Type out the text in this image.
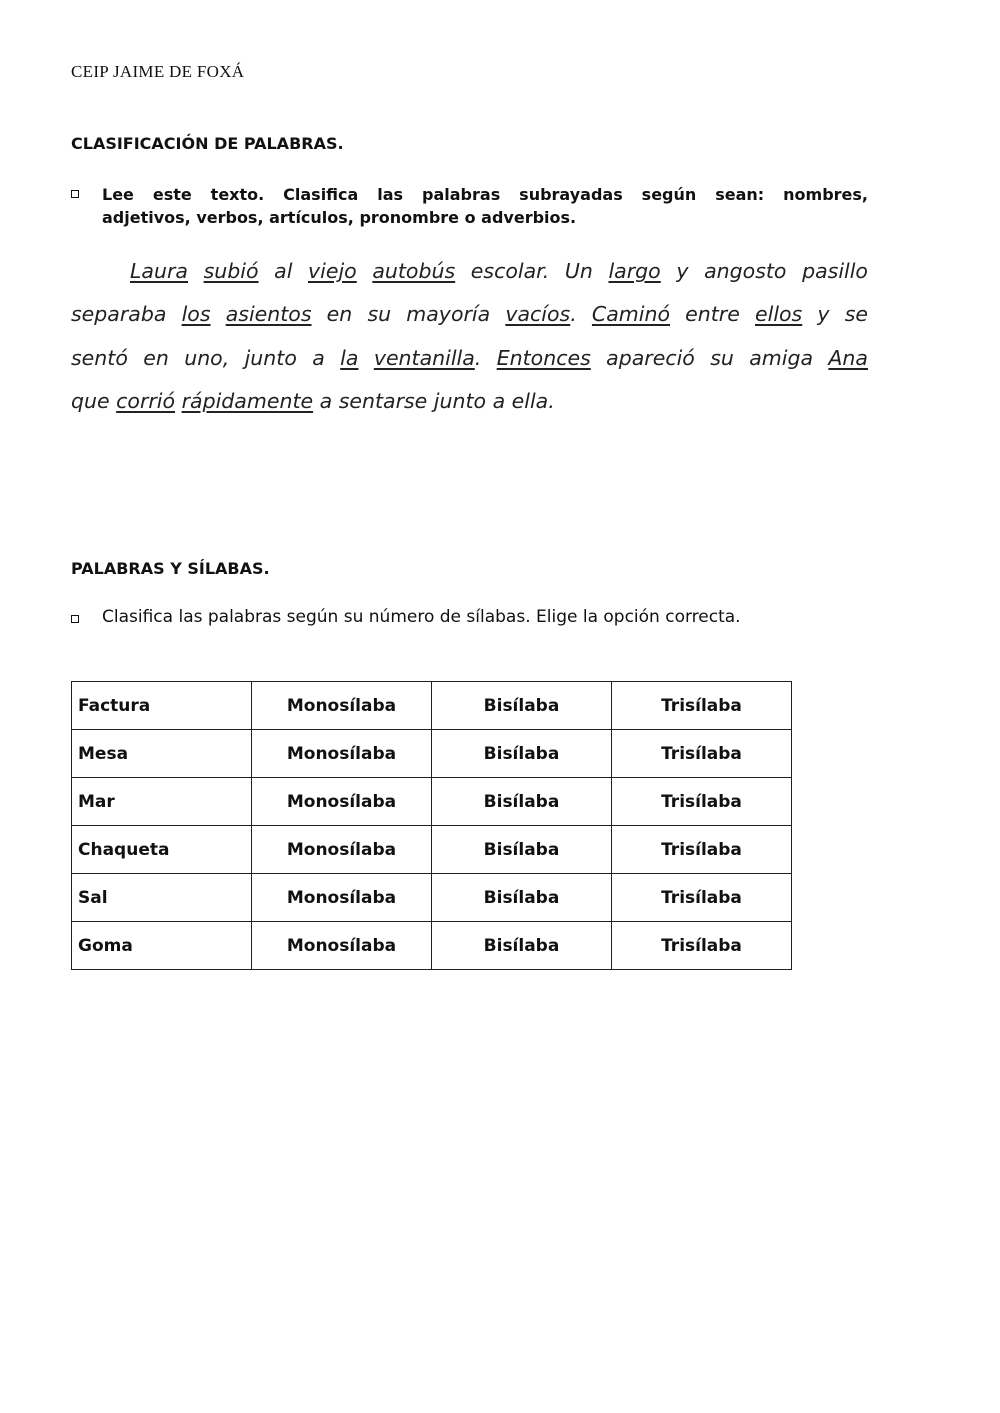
CEIP JAIME DE FOXÁ
CLASIFICACIÓN DE PALABRAS.
Lee este texto. Clasifica las palabras subrayadas según sean: nombres,
adjetivos, verbos, artículos, pronombre o adverbios.
Laura subió al viejo autobús escolar. Un largo y angosto pasillo
separaba los asientos en su mayoría vacíos. Caminó entre ellos y se
sentó en uno, junto a la ventanilla. Entonces apareció su amiga Ana
que corrió rápidamente a sentarse junto a ella.
PALABRAS Y SÍLABAS.
Clasifica las palabras según su número de sílabas. Elige la opción correcta.
Factura	Monosílaba	Bisílaba	Trisílaba
Mesa	Monosílaba	Bisílaba	Trisílaba
Mar	Monosílaba	Bisílaba	Trisílaba
Chaqueta	Monosílaba	Bisílaba	Trisílaba
Sal	Monosílaba	Bisílaba	Trisílaba
Goma	Monosílaba	Bisílaba	Trisílaba
